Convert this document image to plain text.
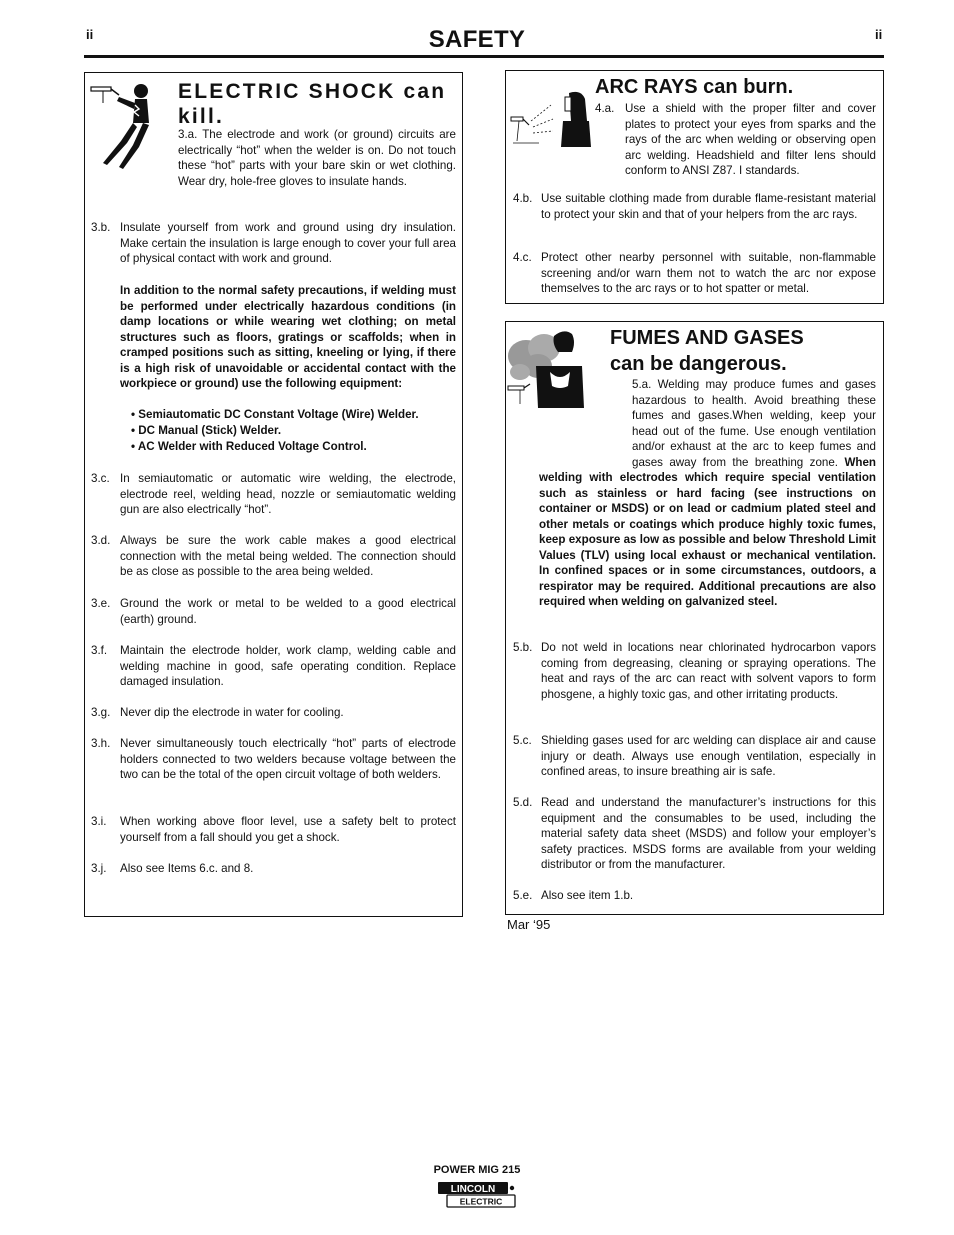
ii	SAFETY	ii
ELECTRIC SHOCK can kill.
3.a. The electrode and work (or ground) circuits are electrically “hot” when the welder is on. Do not touch these “hot” parts with your bare skin or wet clothing. Wear dry, hole-free gloves to insulate hands.
3.b. Insulate yourself from work and ground using dry insulation. Make certain the insulation is large enough to cover your full area of physical contact with work and ground.
In addition to the normal safety precautions, if welding must be performed under electrically hazardous conditions (in damp locations or while wearing wet clothing; on metal structures such as floors, gratings or scaffolds; when in cramped positions such as sitting, kneeling or lying, if there is a high risk of unavoidable or accidental contact with the workpiece or ground) use the following equipment:
• Semiautomatic DC Constant Voltage (Wire) Welder.
• DC Manual (Stick) Welder.
• AC Welder with Reduced Voltage Control.
3.c. In semiautomatic or automatic wire welding, the electrode, electrode reel, welding head, nozzle or semiautomatic welding gun are also electrically “hot”.
3.d. Always be sure the work cable makes a good electrical connection with the metal being welded. The connection should be as close as possible to the area being welded.
3.e. Ground the work or metal to be welded to a good electrical (earth) ground.
3.f. Maintain the electrode holder, work clamp, welding cable and welding machine in good, safe operating condition. Replace damaged insulation.
3.g. Never dip the electrode in water for cooling.
3.h. Never simultaneously touch electrically “hot” parts of electrode holders connected to two welders because voltage between the two can be the total of the open circuit voltage of both welders.
3.i. When working above floor level, use a safety belt to protect yourself from a fall should you get a shock.
3.j. Also see Items 6.c. and 8.
ARC RAYS can burn.
4.a. Use a shield with the proper filter and cover plates to protect your eyes from sparks and the rays of the arc when welding or observing open arc welding. Headshield and filter lens should conform to ANSI Z87. I standards.
4.b. Use suitable clothing made from durable flame-resistant material to protect your skin and that of your helpers from the arc rays.
4.c. Protect other nearby personnel with suitable, non-flammable screening and/or warn them not to watch the arc nor expose themselves to the arc rays or to hot spatter or metal.
FUMES AND GASES
can be dangerous.
5.a. Welding may produce fumes and gases hazardous to health. Avoid breathing these fumes and gases.When welding, keep your head out of the fume. Use enough ventilation and/or exhaust at the arc to keep fumes and gases away from the breathing zone. When welding with electrodes which require special ventilation such as stainless or hard facing (see instructions on container or MSDS) or on lead or cadmium plated steel and other metals or coatings which produce highly toxic fumes, keep exposure as low as possible and below Threshold Limit Values (TLV) using local exhaust or mechanical ventilation. In confined spaces or in some circumstances, outdoors, a respirator may be required. Additional precautions are also required when welding on galvanized steel.
5.b. Do not weld in locations near chlorinated hydrocarbon vapors coming from degreasing, cleaning or spraying operations. The heat and rays of the arc can react with solvent vapors to form phosgene, a highly toxic gas, and other irritating products.
5.c. Shielding gases used for arc welding can displace air and cause injury or death. Always use enough ventilation, especially in confined areas, to insure breathing air is safe.
5.d. Read and understand the manufacturer’s instructions for this equipment and the consumables to be used, including the material safety data sheet (MSDS) and follow your employer’s safety practices. MSDS forms are available from your welding distributor or from the manufacturer.
5.e. Also see item 1.b.
Mar ‘95
POWER MIG 215
LINCOLN
ELECTRIC
